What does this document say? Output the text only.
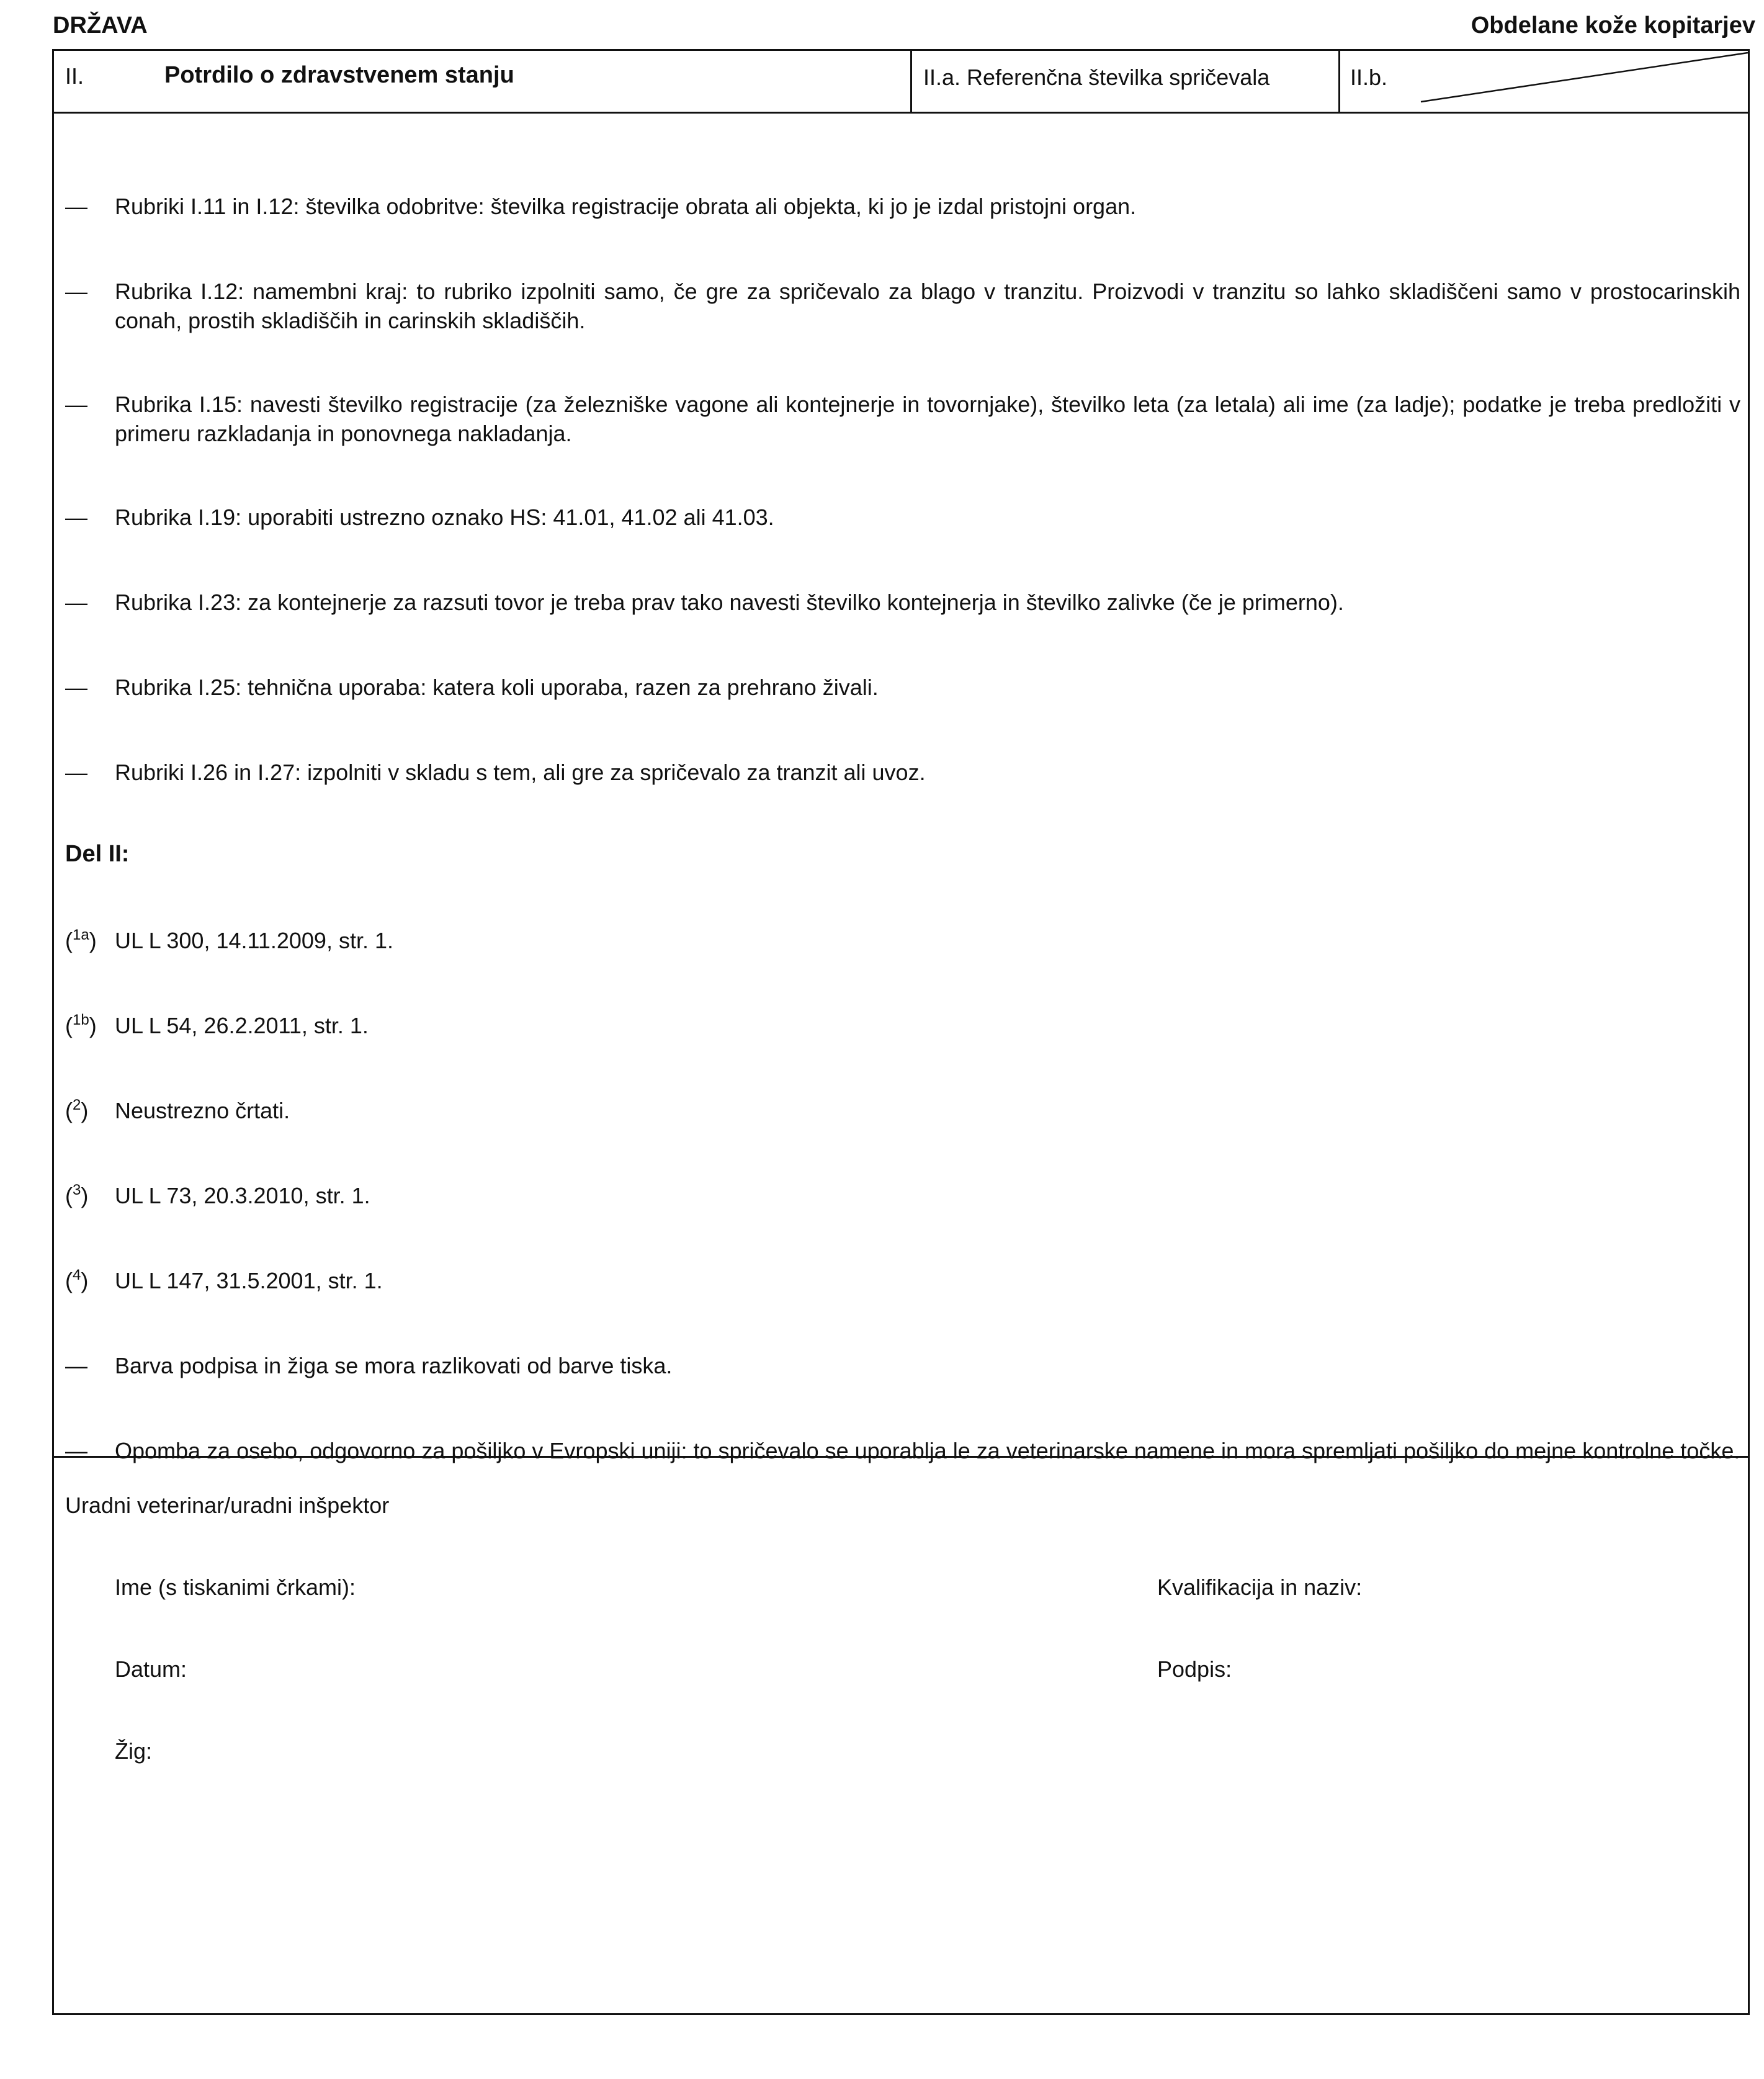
DRŽAVA	Obdelane kože kopitarjev
II.	Potrdilo o zdravstvenem stanju	II.a. Referenčna številka spričevala	II.b.
— Rubriki I.11 in I.12: številka odobritve: številka registracije obrata ali objekta, ki jo je izdal pristojni organ.
— Rubrika I.12: namembni kraj: to rubriko izpolniti samo, če gre za spričevalo za blago v tranzitu. Proizvodi v tranzitu so lahko skladiščeni samo v prostocarinskih conah, prostih skladiščih in carinskih skladiščih.
— Rubrika I.15: navesti številko registracije (za železniške vagone ali kontejnerje in tovornjake), številko leta (za letala) ali ime (za ladje); podatke je treba predložiti v primeru razkladanja in ponovnega nakladanja.
— Rubrika I.19: uporabiti ustrezno oznako HS: 41.01, 41.02 ali 41.03.
— Rubrika I.23: za kontejnerje za razsuti tovor je treba prav tako navesti številko kontejnerja in številko zalivke (če je primerno).
— Rubrika I.25: tehnična uporaba: katera koli uporaba, razen za prehrano živali.
— Rubriki I.26 in I.27: izpolniti v skladu s tem, ali gre za spričevalo za tranzit ali uvoz.
Del II:
($^{1a}$) UL L 300, 14.11.2009, str. 1.
($^{1b}$) UL L 54, 26.2.2011, str. 1.
($^2$) Neustrezno črtati.
($^3$) UL L 73, 20.3.2010, str. 1.
($^4$) UL L 147, 31.5.2001, str. 1.
— Barva podpisa in žiga se mora razlikovati od barve tiska.
— Opomba za osebo, odgovorno za pošiljko v Evropski uniji: to spričevalo se uporablja le za veterinarske namene in mora spremljati pošiljko do mejne kontrolne točke.
Uradni veterinar/uradni inšpektor
Ime (s tiskanimi črkami):	Kvalifikacija in naziv:
Datum:	Podpis:
Žig:
